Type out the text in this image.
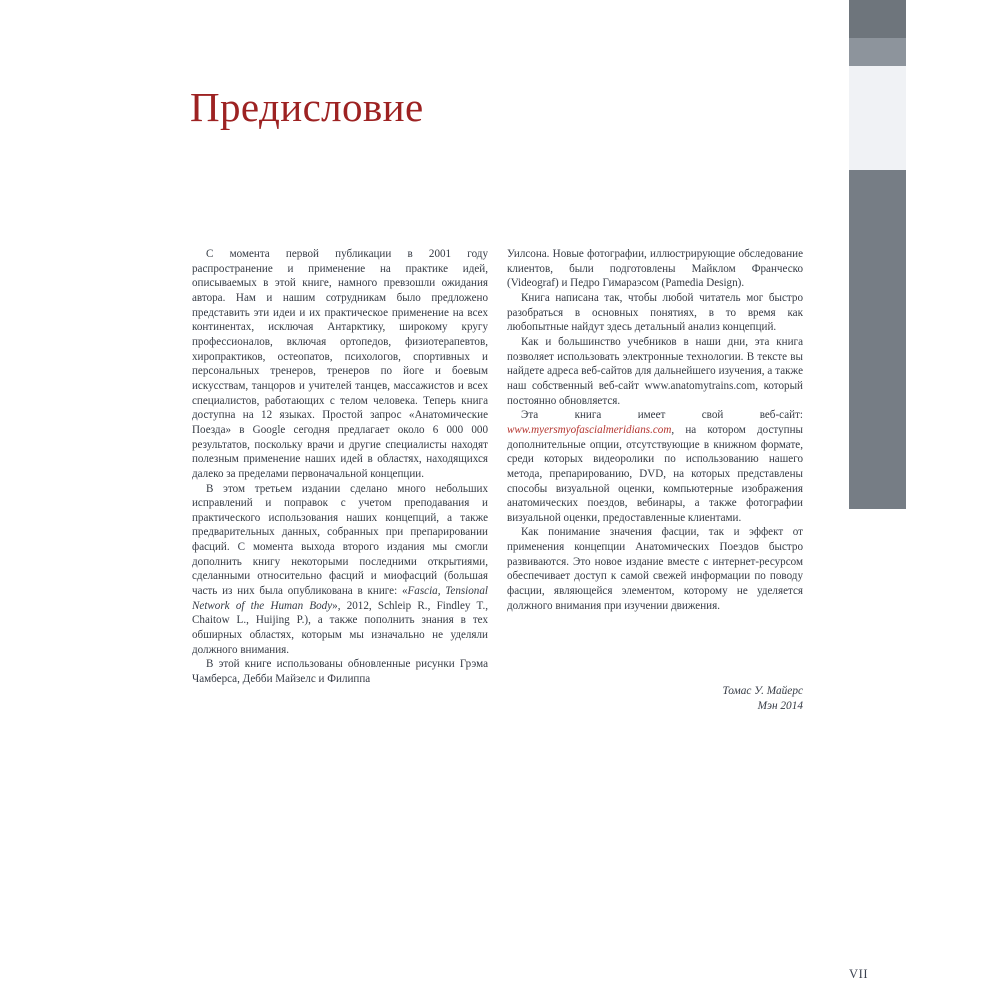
Предисловие

С момента первой публикации в 2001 году распространение и применение на практике идей, описываемых в этой книге, намного превзошли ожидания автора. Нам и нашим сотрудникам было предложено представить эти идеи и их практическое применение на всех континентах, исключая Антарктику, широкому кругу профессионалов, включая ортопедов, физиотерапевтов, хиропрактиков, остеопатов, психологов, спортивных и персональных тренеров, тренеров по йоге и боевым искусствам, танцоров и учителей танцев, массажистов и всех специалистов, работающих с телом человека. Теперь книга доступна на 12 языках. Простой запрос «Анатомические Поезда» в Google сегодня предлагает около 6 000 000 результатов, поскольку врачи и другие специалисты находят полезным применение наших идей в областях, находящихся далеко за пределами первоначальной концепции.

В этом третьем издании сделано много небольших исправлений и поправок с учетом преподавания и практического использования наших концепций, а также предварительных данных, собранных при препарировании фасций. С момента выхода второго издания мы смогли дополнить книгу некоторыми последними открытиями, сделанными относительно фасций и миофасций (большая часть из них была опубликована в книге: «Fascia, Tensional Network of the Human Body», 2012, Schleip R., Findley T., Chaitow L., Huijing P.), а также пополнить знания в тех обширных областях, которым мы изначально не уделяли должного внимания.

В этой книге использованы обновленные рисунки Грэма Чамберса, Дебби Майзелс и Филиппа

Уилсона. Новые фотографии, иллюстрирующие обследование клиентов, были подготовлены Майклом Франческо (Videograf) и Педро Гимараэсом (Pamedia Design).

Книга написана так, чтобы любой читатель мог быстро разобраться в основных понятиях, в то время как любопытные найдут здесь детальный анализ концепций.

Как и большинство учебников в наши дни, эта книга позволяет использовать электронные технологии. В тексте вы найдете адреса веб-сайтов для дальнейшего изучения, а также наш собственный веб-сайт www.anatomytrains.com, который постоянно обновляется.

Эта книга имеет свой веб-сайт: www.myersmyofascialmeridians.com, на котором доступны дополнительные опции, отсутствующие в книжном формате, среди которых видеоролики по использованию нашего метода, препарированию, DVD, на которых представлены способы визуальной оценки, компьютерные изображения анатомических поездов, вебинары, а также фотографии визуальной оценки, предоставленные клиентами.

Как понимание значения фасции, так и эффект от применения концепции Анатомических Поездов быстро развиваются. Это новое издание вместе с интернет-ресурсом обеспечивает доступ к самой свежей информации по поводу фасции, являющейся элементом, которому не уделяется должного внимания при изучении движения.

Томас У. Майерс
Мэн 2014
VII
